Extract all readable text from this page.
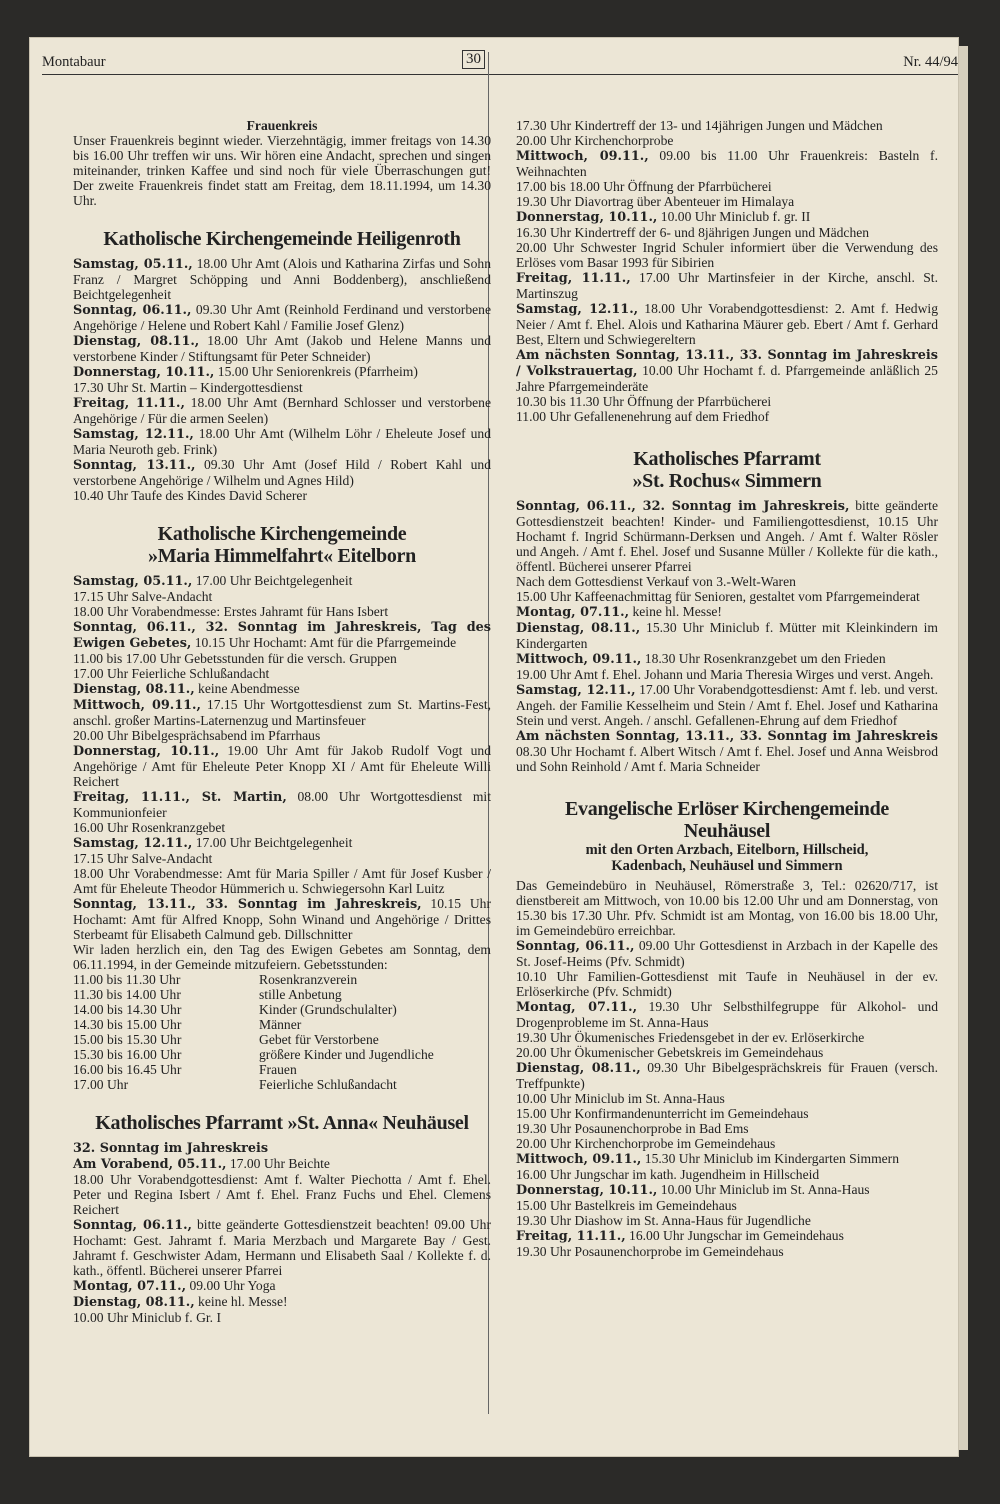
Montabaur	30	Nr. 44/94

Frauenkreis

Unser Frauenkreis beginnt wieder. Vierzehntägig, immer freitags von 14.30 bis 16.00 Uhr treffen wir uns. Wir hören eine Andacht, sprechen und singen miteinander, trinken Kaffee und sind noch für viele Überraschungen gut! Der zweite Frauenkreis findet statt am Freitag, dem 18.11.1994, um 14.30 Uhr.

Katholische Kirchengemeinde Heiligenroth

Samstag, 05.11., 18.00 Uhr Amt (Alois und Katharina Zirfas und Sohn Franz / Margret Schöpping und Anni Boddenberg), anschließend Beichtgelegenheit

Sonntag, 06.11., 09.30 Uhr Amt (Reinhold Ferdinand und verstorbene Angehörige / Helene und Robert Kahl / Familie Josef Glenz)

Dienstag, 08.11., 18.00 Uhr Amt (Jakob und Helene Manns und verstorbene Kinder / Stiftungsamt für Peter Schneider)

Donnerstag, 10.11., 15.00 Uhr Seniorenkreis (Pfarrheim)

17.30 Uhr St. Martin – Kindergottesdienst

Freitag, 11.11., 18.00 Uhr Amt (Bernhard Schlosser und verstorbene Angehörige / Für die armen Seelen)

Samstag, 12.11., 18.00 Uhr Amt (Wilhelm Löhr / Eheleute Josef und Maria Neuroth geb. Frink)

Sonntag, 13.11., 09.30 Uhr Amt (Josef Hild / Robert Kahl und verstorbene Angehörige / Wilhelm und Agnes Hild)

10.40 Uhr Taufe des Kindes David Scherer

Katholische Kirchengemeinde

»Maria Himmelfahrt« Eitelborn

Samstag, 05.11., 17.00 Uhr Beichtgelegenheit

17.15 Uhr Salve-Andacht

18.00 Uhr Vorabendmesse: Erstes Jahramt für Hans Isbert

Sonntag, 06.11., 32. Sonntag im Jahreskreis, Tag des Ewigen Gebetes, 10.15 Uhr Hochamt: Amt für die Pfarrgemeinde

11.00 bis 17.00 Uhr Gebetsstunden für die versch. Gruppen

17.00 Uhr Feierliche Schlußandacht

Dienstag, 08.11., keine Abendmesse

Mittwoch, 09.11., 17.15 Uhr Wortgottesdienst zum St. Martins-Fest, anschl. großer Martins-Laternenzug und Martinsfeuer

20.00 Uhr Bibelgesprächsabend im Pfarrhaus

Donnerstag, 10.11., 19.00 Uhr Amt für Jakob Rudolf Vogt und Angehörige / Amt für Eheleute Peter Knopp XI / Amt für Eheleute Willi Reichert

Freitag, 11.11., St. Martin, 08.00 Uhr Wortgottesdienst mit Kommunionfeier

16.00 Uhr Rosenkranzgebet

Samstag, 12.11., 17.00 Uhr Beichtgelegenheit

17.15 Uhr Salve-Andacht

18.00 Uhr Vorabendmesse: Amt für Maria Spiller / Amt für Josef Kusber / Amt für Eheleute Theodor Hümmerich u. Schwiegersohn Karl Luitz

Sonntag, 13.11., 33. Sonntag im Jahreskreis, 10.15 Uhr Hochamt: Amt für Alfred Knopp, Sohn Winand und Angehörige / Drittes Sterbeamt für Elisabeth Calmund geb. Dillschnitter

Wir laden herzlich ein, den Tag des Ewigen Gebetes am Sonntag, dem 06.11.1994, in der Gemeinde mitzufeiern. Gebetsstunden:

11.00 bis 11.30 Uhr	Rosenkranzverein
11.30 bis 14.00 Uhr	stille Anbetung
14.00 bis 14.30 Uhr	Kinder (Grundschulalter)
14.30 bis 15.00 Uhr	Männer
15.00 bis 15.30 Uhr	Gebet für Verstorbene
15.30 bis 16.00 Uhr	größere Kinder und Jugendliche
16.00 bis 16.45 Uhr	Frauen
17.00 Uhr	Feierliche Schlußandacht

Katholisches Pfarramt »St. Anna« Neuhäusel

32. Sonntag im Jahreskreis

Am Vorabend, 05.11., 17.00 Uhr Beichte

18.00 Uhr Vorabendgottesdienst: Amt f. Walter Piechotta / Amt f. Ehel. Peter und Regina Isbert / Amt f. Ehel. Franz Fuchs und Ehel. Clemens Reichert

Sonntag, 06.11., bitte geänderte Gottesdienstzeit beachten! 09.00 Uhr Hochamt: Gest. Jahramt f. Maria Merzbach und Margarete Bay / Gest. Jahramt f. Geschwister Adam, Hermann und Elisabeth Saal / Kollekte f. d. kath., öffentl. Bücherei unserer Pfarrei

Montag, 07.11., 09.00 Uhr Yoga

Dienstag, 08.11., keine hl. Messe!

10.00 Uhr Miniclub f. Gr. I

17.30 Uhr Kindertreff der 13- und 14jährigen Jungen und Mädchen

20.00 Uhr Kirchenchorprobe

Mittwoch, 09.11., 09.00 bis 11.00 Uhr Frauenkreis: Basteln f. Weihnachten

17.00 bis 18.00 Uhr Öffnung der Pfarrbücherei

19.30 Uhr Diavortrag über Abenteuer im Himalaya

Donnerstag, 10.11., 10.00 Uhr Miniclub f. gr. II

16.30 Uhr Kindertreff der 6- und 8jährigen Jungen und Mädchen

20.00 Uhr Schwester Ingrid Schuler informiert über die Verwendung des Erlöses vom Basar 1993 für Sibirien

Freitag, 11.11., 17.00 Uhr Martinsfeier in der Kirche, anschl. St. Martinszug

Samstag, 12.11., 18.00 Uhr Vorabendgottesdienst: 2. Amt f. Hedwig Neier / Amt f. Ehel. Alois und Katharina Mäurer geb. Ebert / Amt f. Gerhard Best, Eltern und Schwiegereltern

Am nächsten Sonntag, 13.11., 33. Sonntag im Jahreskreis / Volkstrauertag, 10.00 Uhr Hochamt f. d. Pfarrgemeinde anläßlich 25 Jahre Pfarrgemeinderäte

10.30 bis 11.30 Uhr Öffnung der Pfarrbücherei

11.00 Uhr Gefallenenehrung auf dem Friedhof

Katholisches Pfarramt

»St. Rochus« Simmern

Sonntag, 06.11., 32. Sonntag im Jahreskreis, bitte geänderte Gottesdienstzeit beachten! Kinder- und Familiengottesdienst, 10.15 Uhr Hochamt f. Ingrid Schürmann-Derksen und Angeh. / Amt f. Walter Rösler und Angeh. / Amt f. Ehel. Josef und Susanne Müller / Kollekte für die kath., öffentl. Bücherei unserer Pfarrei

Nach dem Gottesdienst Verkauf von 3.-Welt-Waren

15.00 Uhr Kaffeenachmittag für Senioren, gestaltet vom Pfarrgemeinderat

Montag, 07.11., keine hl. Messe!

Dienstag, 08.11., 15.30 Uhr Miniclub f. Mütter mit Kleinkindern im Kindergarten

Mittwoch, 09.11., 18.30 Uhr Rosenkranzgebet um den Frieden

19.00 Uhr Amt f. Ehel. Johann und Maria Theresia Wirges und verst. Angeh.

Samstag, 12.11., 17.00 Uhr Vorabendgottesdienst: Amt f. leb. und verst. Angeh. der Familie Kesselheim und Stein / Amt f. Ehel. Josef und Katharina Stein und verst. Angeh. / anschl. Gefallenen-Ehrung auf dem Friedhof

Am nächsten Sonntag, 13.11., 33. Sonntag im Jahreskreis 08.30 Uhr Hochamt f. Albert Witsch / Amt f. Ehel. Josef und Anna Weisbrod und Sohn Reinhold / Amt f. Maria Schneider

Evangelische Erlöser Kirchengemeinde

Neuhäusel

mit den Orten Arzbach, Eitelborn, Hillscheid,

Kadenbach, Neuhäusel und Simmern

Das Gemeindebüro in Neuhäusel, Römerstraße 3, Tel.: 02620/717, ist dienstbereit am Mittwoch, von 10.00 bis 12.00 Uhr und am Donnerstag, von 15.30 bis 17.30 Uhr. Pfv. Schmidt ist am Montag, von 16.00 bis 18.00 Uhr, im Gemeindebüro erreichbar.

Sonntag, 06.11., 09.00 Uhr Gottesdienst in Arzbach in der Kapelle des St. Josef-Heims (Pfv. Schmidt)

10.10 Uhr Familien-Gottesdienst mit Taufe in Neuhäusel in der ev. Erlöserkirche (Pfv. Schmidt)

Montag, 07.11., 19.30 Uhr Selbsthilfegruppe für Alkohol- und Drogenprobleme im St. Anna-Haus

19.30 Uhr Ökumenisches Friedensgebet in der ev. Erlöserkirche

20.00 Uhr Ökumenischer Gebetskreis im Gemeindehaus

Dienstag, 08.11., 09.30 Uhr Bibelgesprächskreis für Frauen (versch. Treffpunkte)

10.00 Uhr Miniclub im St. Anna-Haus

15.00 Uhr Konfirmandenunterricht im Gemeindehaus

19.30 Uhr Posaunenchorprobe in Bad Ems

20.00 Uhr Kirchenchorprobe im Gemeindehaus

Mittwoch, 09.11., 15.30 Uhr Miniclub im Kindergarten Simmern

16.00 Uhr Jungschar im kath. Jugendheim in Hillscheid

Donnerstag, 10.11., 10.00 Uhr Miniclub im St. Anna-Haus

15.00 Uhr Bastelkreis im Gemeindehaus

19.30 Uhr Diashow im St. Anna-Haus für Jugendliche

Freitag, 11.11., 16.00 Uhr Jungschar im Gemeindehaus

19.30 Uhr Posaunenchorprobe im Gemeindehaus
